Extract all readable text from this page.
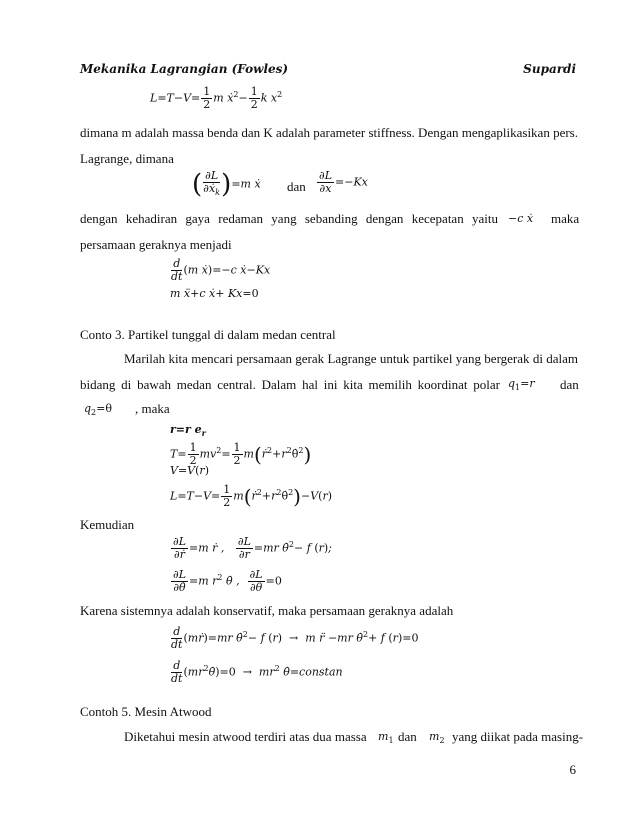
Mekanika Lagrangian (Fowles)	Supardi
$L=T-V= \frac{1}{2}$ m ẋ$^2$− $\frac{1}{2}$ k $x^2$
dimana m adalah massa benda dan K adalah parameter stiffness. Dengan mengaplikasikan pers.
Lagrange, dimana
( $\frac{\partial L}{\partial ẋ_k} )=m$ ẋ dan $\frac{\partial L}{\partial x} =-Kx$
dengan kehadiran gaya redaman yang sebanding dengan kecepatan yaitu −c ẋ maka
persamaan geraknya menjadi
$\frac{d}{dt} (m$ ẋ)=−c ẋ−Kx
m ẍ+c ẋ+ Kx=0
Conto 3. Partikel tunggal di dalam medan central
Marilah kita mencari persamaan gerak Lagrange untuk partikel yang bergerak di dalam
bidang di bawah medan central. Dalam hal ini kita memilih koordinat polar $q_1=r$ dan
$q_2=\theta$ , maka
r=r $e_r$
$T= \frac{1}{2} mv^2= \frac{1}{2}$ $m(ṙ^2+r^2\thetȧ^2)$
V=V(r)
$L=T-V= \frac{1}{2}$ $m(ṙ^2+r^2\thetȧ^2)-V(r)$
Kemudian
$\frac{\partial L}{\text{∂ṙ}} =m$ ṙ , $\frac{\partial L}{\partial r} =mr$ θ̇$^2$− f (r);
$\frac{\partial L}{\partial\thetȧ} =m$ $r^2$ θ̇ , $\frac{\partial L}{\partial\theta} =0$
Karena sistemnya adalah konservatif, maka persamaan geraknya adalah
$\frac{d}{dt}$ (mṙ)=mr θ̇$^2$− f (r) →  m r̈ −mr θ̇$^2$+ f (r)=0
$\frac{d}{dt}$ $(mr^2\thetȧ)=0 \to mr^2$ θ̇=constan
Contoh 5. Mesin Atwood
Diketahui mesin atwood terdiri atas dua massa $m_1$ dan $m_2$ yang diikat pada masing-
6
